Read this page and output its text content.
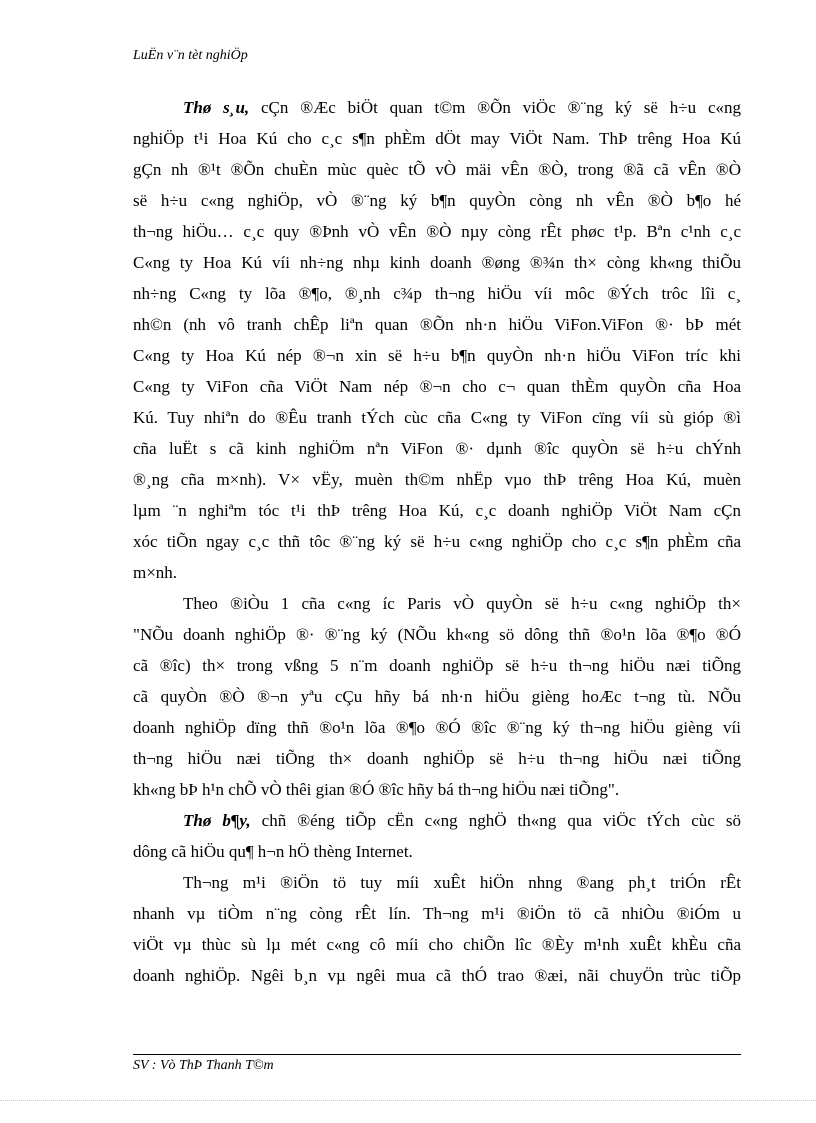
LuËn v¨n tèt nghiÖp
Thø s¸u, cÇn ®Æc biÖt quan t©m ®Õn viÖc ®¨ng ký së h÷u c«ng
nghiÖp t¹i Hoa Kú cho c¸c s¶n phÈm dÖt may ViÖt Nam. ThÞ trêng Hoa Kú
gÇn nh ®¹t ®Õn chuÈn mùc quèc tÕ vÒ mäi vÊn ®Ò, trong ®ã cã vÊn ®Ò
së h÷u c«ng nghiÖp, vÒ ®¨ng ký b¶n quyÒn còng nh vÊn ®Ò b¶o hé
th¬ng hiÖu… c¸c quy ®Þnh vÒ vÊn ®Ò nµy còng rÊt phøc t¹p. Bªn c¹nh c¸c
C«ng ty Hoa Kú víi nh÷ng nhµ kinh doanh ®øng ®¾n th× còng kh«ng thiÕu
nh÷ng C«ng ty lõa ®¶o, ®¸nh c¾p th¬ng hiÖu víi môc ®Ých trôc lîi c¸
nh©n (nh vô tranh chÊp liªn quan ®Õn nh·n hiÖu ViFon.ViFon ®· bÞ mét
C«ng ty Hoa Kú nép ®¬n xin së h÷u b¶n quyÒn nh·n hiÖu ViFon tríc khi
C«ng ty ViFon cña ViÖt Nam nép ®¬n cho c¬ quan thÈm quyÒn cña Hoa
Kú. Tuy nhiªn do ®Êu tranh tÝch cùc cña C«ng ty ViFon cïng víi sù gióp ®ì
cña luËt s cã kinh nghiÖm nªn ViFon ®· dµnh ®îc quyÒn së h÷u chÝnh
®¸ng cña m×nh). V× vËy, muèn th©m nhËp vµo thÞ trêng Hoa Kú, muèn
lµm ¨n nghiªm tóc t¹i thÞ trêng Hoa Kú, c¸c doanh nghiÖp ViÖt Nam cÇn
xóc tiÕn ngay c¸c thñ tôc ®¨ng ký së h÷u c«ng nghiÖp cho c¸c s¶n phÈm cña
m×nh.
Theo ®iÒu 1 cña c«ng íc Paris vÒ quyÒn së h÷u c«ng nghiÖp th×
"NÕu doanh nghiÖp ®· ®¨ng ký (NÕu kh«ng sö dông thñ ®o¹n lõa ®¶o ®Ó
cã ®îc) th× trong vßng 5 n¨m doanh nghiÖp së h÷u th¬ng hiÖu næi tiÕng
cã quyÒn ®Ò ®¬n yªu cÇu hñy bá nh·n hiÖu gièng hoÆc t¬ng tù. NÕu
doanh nghiÖp dïng thñ ®o¹n lõa ®¶o ®Ó ®îc ®¨ng ký th¬ng hiÖu gièng víi
th¬ng hiÖu næi tiÕng th× doanh nghiÖp së h÷u th¬ng hiÖu næi tiÕng
kh«ng bÞ h¹n chÕ vÒ thêi gian ®Ó ®îc hñy bá th¬ng hiÖu næi tiÕng".
Thø b¶y, chñ ®éng tiÕp cËn c«ng nghÖ th«ng qua viÖc tÝch cùc sö
dông cã hiÖu qu¶ h¬n hÖ thèng Internet.
Th¬ng m¹i ®iÖn tö tuy míi xuÊt hiÖn nhng ®ang ph¸t triÓn rÊt
nhanh vµ tiÒm n¨ng còng rÊt lín. Th¬ng m¹i ®iÖn tö cã nhiÒu ®iÓm u
viÖt vµ thùc sù lµ mét c«ng cô míi cho chiÕn lîc ®Èy m¹nh xuÊt khÈu cña
doanh nghiÖp. Ngêi b¸n vµ ngêi mua cã thÓ trao ®æi, nãi chuyÖn trùc tiÕp
SV : Vò ThÞ Thanh T©m
